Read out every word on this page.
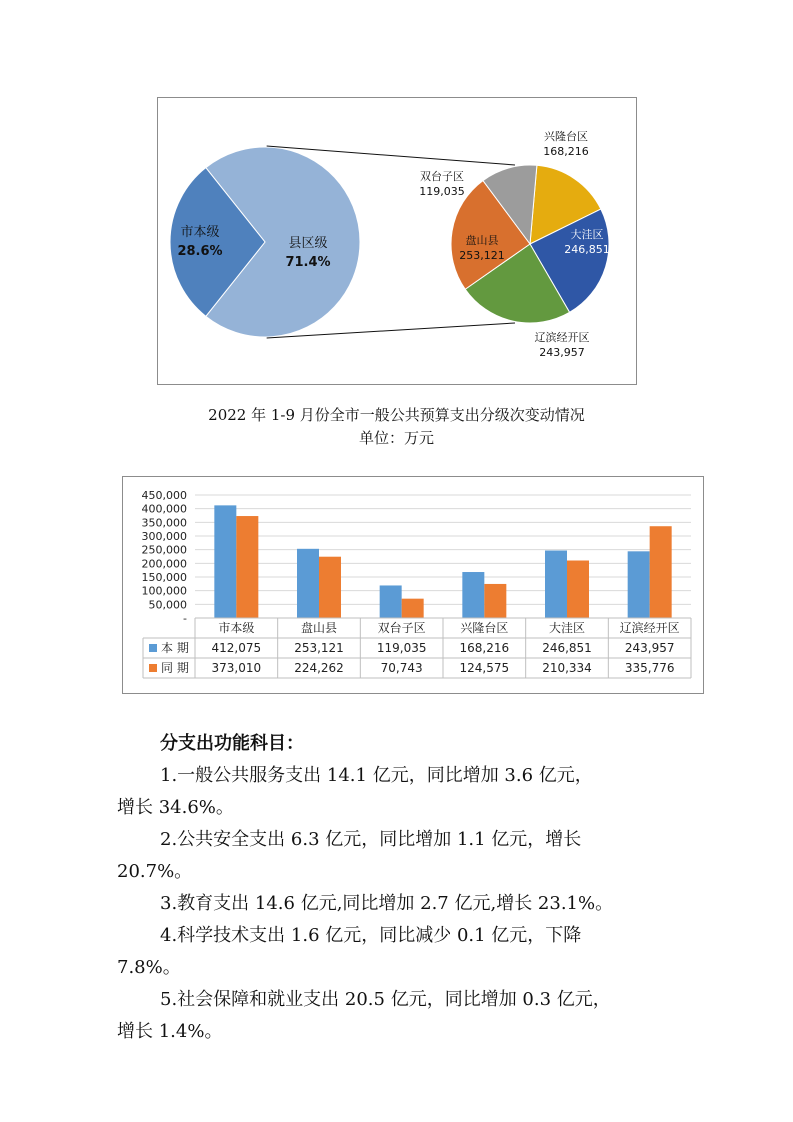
市本级
28.6%
县区级
71.4%
兴隆台区
168,216
大洼区
246,851
辽滨经开区
243,957
盘山县
253,121
双台子区
119,035
2022 年 1-9 月份全市一般公共预算支出分级次变动情况
单位：万元
450,000
400,000
350,000
300,000
250,000
200,000
150,000
100,000
50,000
-
市本级	盘山县	双台子区	兴隆台区	大洼区	辽滨经开区
本 期 412,075	253,121	119,035	168,216	246,851	243,957
同 期 373,010	224,262	70,743	124,575	210,334	335,776
分支出功能科目：
1.一般公共服务支出 14.1 亿元，同比增加 3.6 亿元，
增长 34.6%。
2.公共安全支出 6.3 亿元，同比增加 1.1 亿元，增长
20.7%。
3.教育支出 14.6 亿元,同比增加 2.7 亿元,增长 23.1%。
4.科学技术支出 1.6 亿元，同比减少 0.1 亿元，下降
7.8%。
5.社会保障和就业支出 20.5 亿元，同比增加 0.3 亿元，
增长 1.4%。
